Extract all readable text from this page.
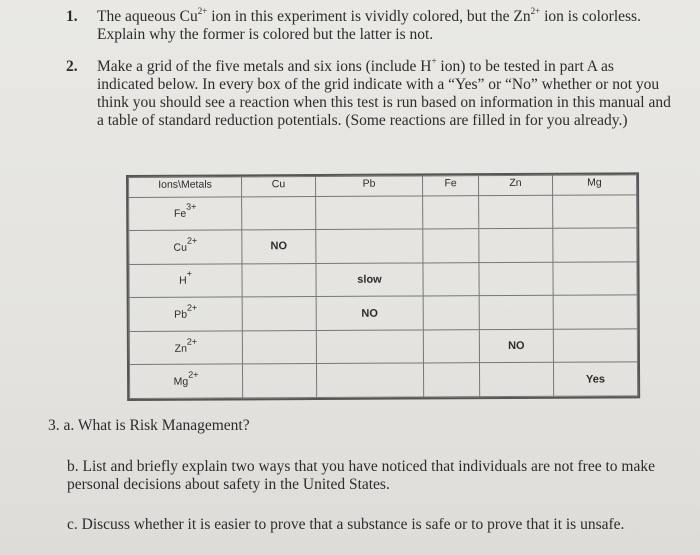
1. The aqueous $Cu^{2+}$ ion in this experiment is vividly colored, but the $Zn^{2+}$ ion is colorless. Explain why the former is colored but the latter is not.
2. Make a grid of the five metals and six ions (include H+ ion) to be tested in part A as indicated below. In every box of the grid indicate with a “Yes” or “No” whether or not you think you should see a reaction when this test is run based on information in this manual and a table of standard reduction potentials. (Some reactions are filled in for you already.)
Ions\Metals	Cu	Pb	Fe	Zn	Mg
$Fe^{3+}$					
$Cu^{2+}$	NO				
H+		slow			
$Pb^{2+}$		NO			
$Zn^{2+}$				NO	
$Mg^{2+}$					Yes
3. a. What is Risk Management?
b. List and briefly explain two ways that you have noticed that individuals are not free to make personal decisions about safety in the United States.
c. Discuss whether it is easier to prove that a substance is safe or to prove that it is unsafe.
